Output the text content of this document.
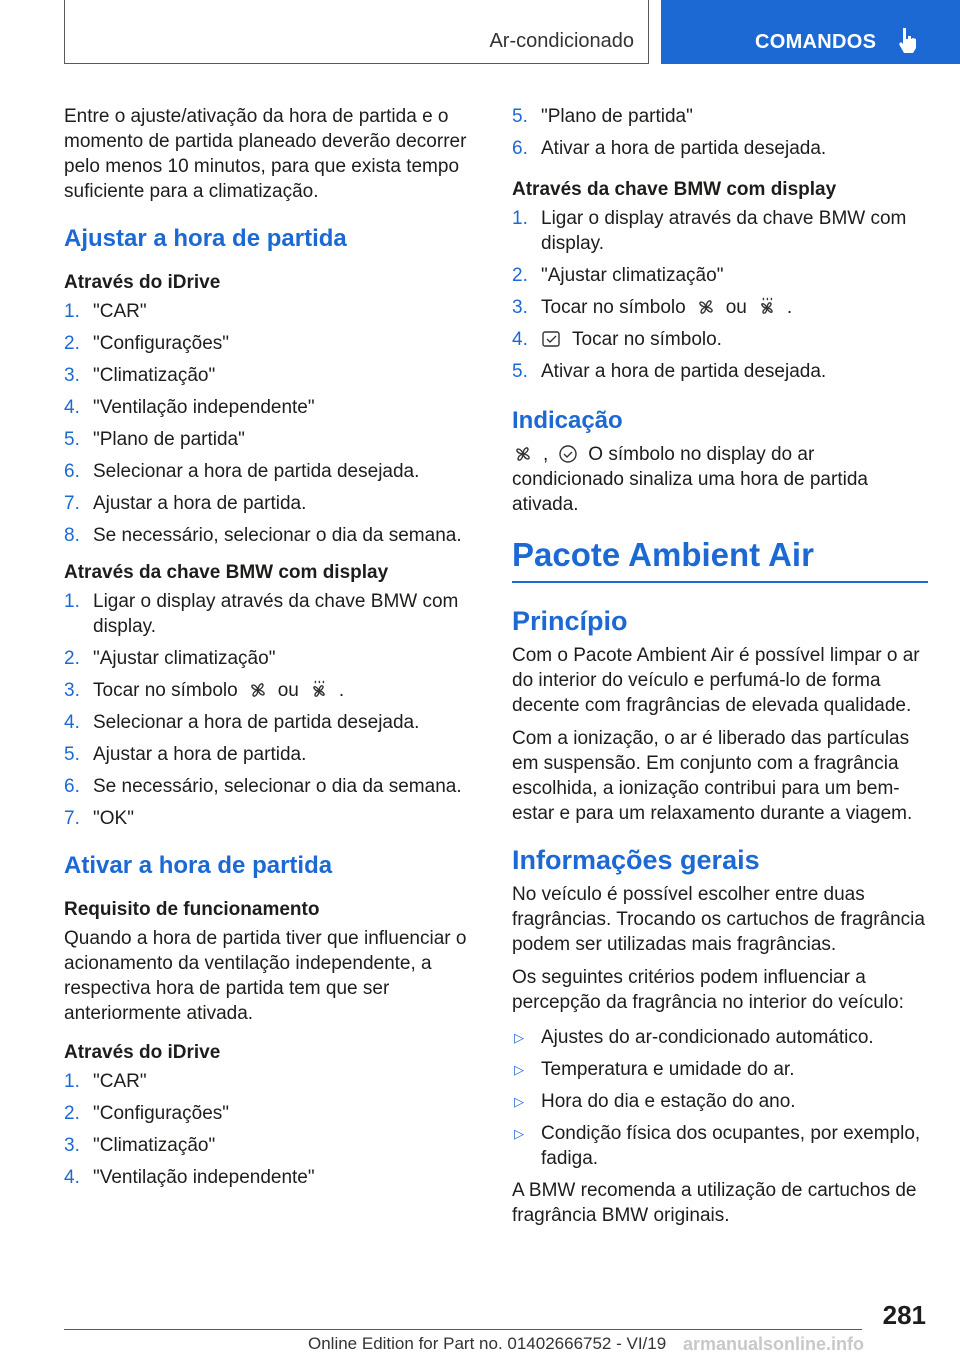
Ar-condicionado	COMANDOS

Entre o ajuste/ativação da hora de partida e o momento de partida planeado deverão decorrer pelo menos 10 minutos, para que exista tempo suficiente para a climatização.

Ajustar a hora de partida
Através do iDrive
1. "CAR"
2. "Configurações"
3. "Climatização"
4. "Ventilação independente"
5. "Plano de partida"
6. Selecionar a hora de partida desejada.
7. Ajustar a hora de partida.
8. Se necessário, selecionar o dia da semana.
Através da chave BMW com display
1. Ligar o display através da chave BMW com display.
2. "Ajustar climatização"
3. Tocar no símbolo ou .
4. Selecionar a hora de partida desejada.
5. Ajustar a hora de partida.
6. Se necessário, selecionar o dia da semana.
7. "OK"
Ativar a hora de partida
Requisito de funcionamento

Quando a hora de partida tiver que influenciar o acionamento da ventilação independente, a respectiva hora de partida tem que ser anteriormente ativada.

Através do iDrive
1. "CAR"
2. "Configurações"
3. "Climatização"
4. "Ventilação independente"
5. "Plano de partida"
6. Ativar a hora de partida desejada.
Através da chave BMW com display
1. Ligar o display através da chave BMW com display.
2. "Ajustar climatização"
3. Tocar no símbolo ou .
4. Tocar no símbolo.
5. Ativar a hora de partida desejada.
Indicação

, O símbolo no display do ar condicionado sinaliza uma hora de partida ativada.

Pacote Ambient Air
Princípio

Com o Pacote Ambient Air é possível limpar o ar do interior do veículo e perfumá-lo de forma decente com fragrâncias de elevada qualidade.

Com a ionização, o ar é liberado das partículas em suspensão. Em conjunto com a fragrância escolhida, a ionização contribui para um bem-estar e para um relaxamento durante a viagem.

Informações gerais

No veículo é possível escolher entre duas fragrâncias. Trocando os cartuchos de fragrância podem ser utilizadas mais fragrâncias.

Os seguintes critérios podem influenciar a percepção da fragrância no interior do veículo:

▷ Ajustes do ar-condicionado automático.
▷ Temperatura e umidade do ar.
▷ Hora do dia e estação do ano.
▷ Condição física dos ocupantes, por exemplo, fadiga.

A BMW recomenda a utilização de cartuchos de fragrância BMW originais.

281
Online Edition for Part no. 01402666752 - VI/19 armanualsonline.info
